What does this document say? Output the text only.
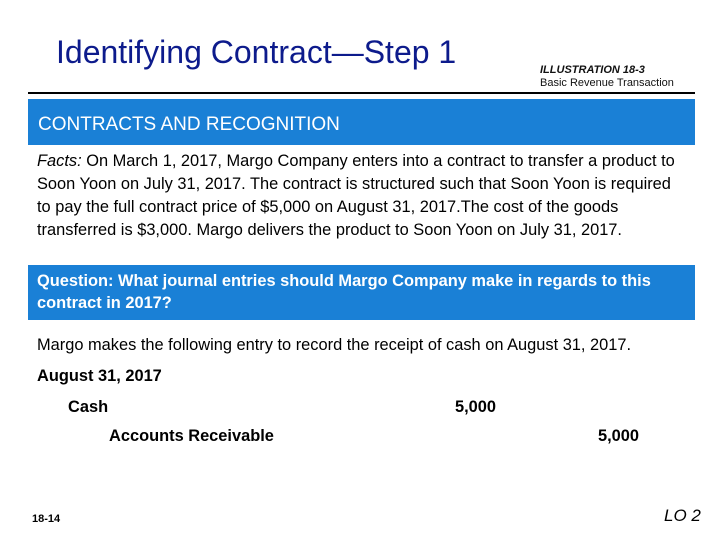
Identifying Contract—Step 1	ILLUSTRATION 18-3
Basic Revenue Transaction
CONTRACTS AND RECOGNITION
Facts: On March 1, 2017, Margo Company enters into a contract to transfer a product to Soon Yoon on July 31, 2017. The contract is structured such that Soon Yoon is required to pay the full contract price of $5,000 on August 31, 2017.The cost of the goods transferred is $3,000. Margo delivers the product to Soon Yoon on July 31, 2017.
Question: What journal entries should Margo Company make in regards to this contract in 2017?
Margo makes the following entry to record the receipt of cash on August 31, 2017.
August 31, 2017
Cash	5,000
Accounts Receivable	5,000
18-14	LO 2
